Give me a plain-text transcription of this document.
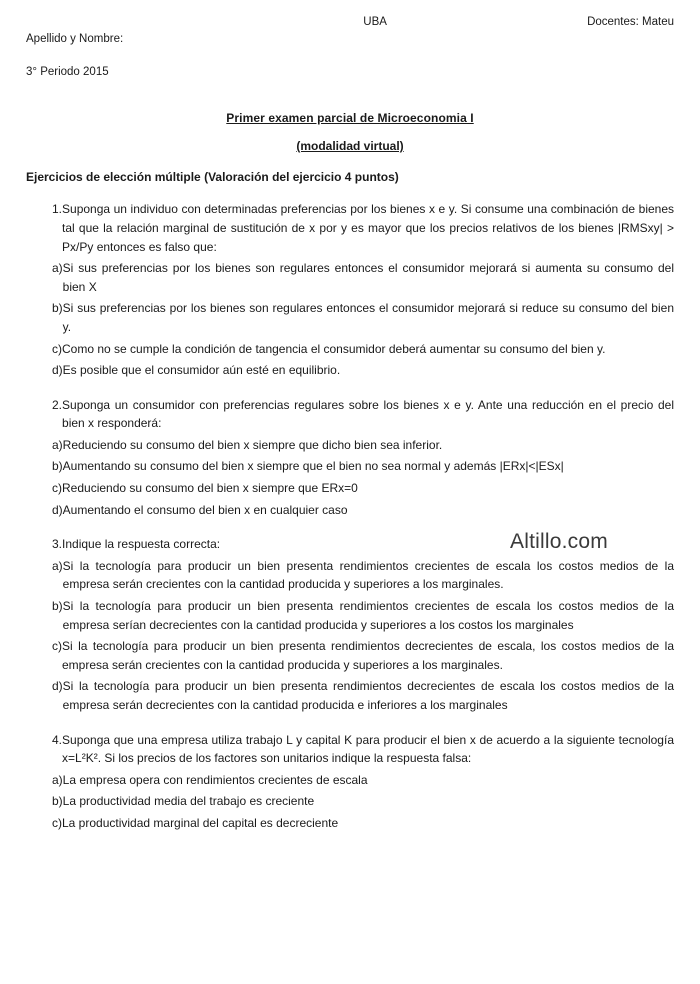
Apellido y Nombre:

3° Periodo 2015

UBA	Docentes: Mateu
Primer examen parcial de Microeconomia I
(modalidad virtual)
Ejercicios de elección múltiple (Valoración del ejercicio 4 puntos)
1. Suponga un individuo con determinadas preferencias por los bienes x e y. Si consume una combinación de bienes tal que la relación marginal de sustitución de x por y es mayor que los precios relativos de los bienes |RMSxy| > Px/Py entonces es falso que:
a) Si sus preferencias por los bienes son regulares entonces el consumidor mejorará si aumenta su consumo del bien X
b) Si sus preferencias por los bienes son regulares entonces el consumidor mejorará si reduce su consumo del bien y.
c) Como no se cumple la condición de tangencia el consumidor deberá aumentar su consumo del bien y.
d) Es posible que el consumidor aún esté en equilibrio.
2. Suponga un consumidor con preferencias regulares sobre los bienes x e y. Ante una reducción en el precio del bien x responderá:
a) Reduciendo su consumo del bien x siempre que dicho bien sea inferior.
b) Aumentando su consumo del bien x siempre que el bien no sea normal y además |ERx|<|ESx|
c) Reduciendo su consumo del bien x siempre que ERx=0
d) Aumentando el consumo del bien x en cualquier caso
3. Indique la respuesta correcta:
a) Si la tecnología para producir un bien presenta rendimientos crecientes de escala los costos medios de la empresa serán crecientes con la cantidad producida y superiores a los marginales.
b) Si la tecnología para producir un bien presenta rendimientos crecientes de escala los costos medios de la empresa serían decrecientes con la cantidad producida y superiores a los costos los marginales
c) Si la tecnología para producir un bien presenta rendimientos decrecientes de escala, los costos medios de la empresa serán crecientes con la cantidad producida y superiores a los marginales.
d) Si la tecnología para producir un bien presenta rendimientos decrecientes de escala los costos medios de la empresa serán decrecientes con la cantidad producida e inferiores a los marginales
4. Suponga que una empresa utiliza trabajo L y capital K para producir el bien x de acuerdo a la siguiente tecnología x=L²K². Si los precios de los factores son unitarios indique la respuesta falsa:
a) La empresa opera con rendimientos crecientes de escala
b) La productividad media del trabajo es creciente
c) La productividad marginal del capital es decreciente
Altillo.com
